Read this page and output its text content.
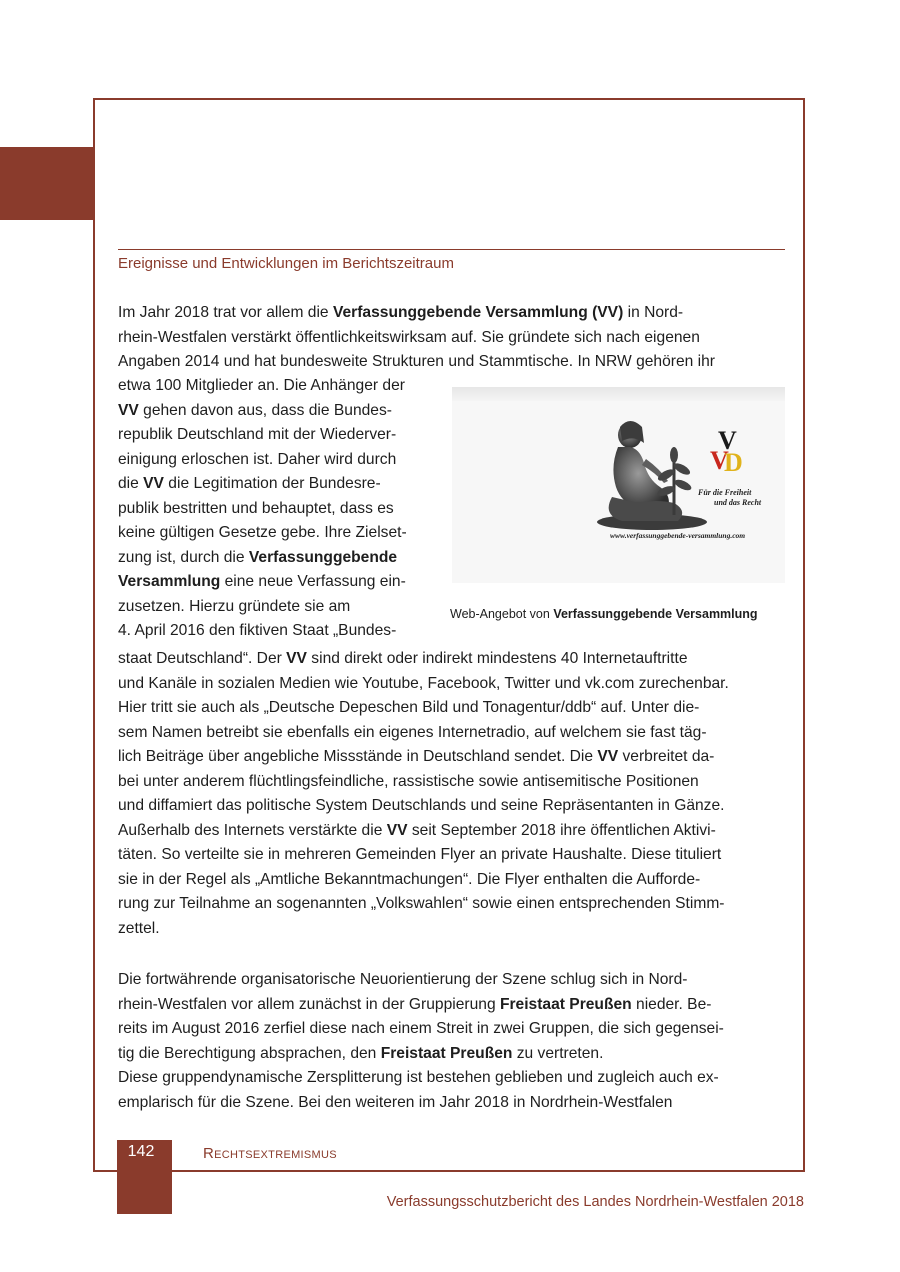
Ereignisse und Entwicklungen im Berichtszeitraum
Im Jahr 2018 trat vor allem die Verfassunggebende Versammlung (VV) in Nord-
rhein-Westfalen verstärkt öffentlichkeitswirksam auf. Sie gründete sich nach eigenen
Angaben 2014 und hat bundesweite Strukturen und Stammtische. In NRW gehören ihr
etwa 100 Mitglieder an. Die Anhänger der
VV gehen davon aus, dass die Bundes-
republik Deutschland mit der Wiederver-
einigung erloschen ist. Daher wird durch
die VV die Legitimation der Bundesre-
publik bestritten und behauptet, dass es
keine gültigen Gesetze gebe. Ihre Zielset-
zung ist, durch die Verfassunggebende
Versammlung eine neue Verfassung ein-
zusetzen. Hierzu gründete sie am
4. April 2016 den fiktiven Staat „Bundes-
staat Deutschland“. Der VV sind direkt oder indirekt mindestens 40 Internetauftritte
und Kanäle in sozialen Medien wie Youtube, Facebook, Twitter und vk.com zurechenbar.
Hier tritt sie auch als „Deutsche Depeschen Bild und Tonagentur/ddb“ auf. Unter die-
sem Namen betreibt sie ebenfalls ein eigenes Internetradio, auf welchem sie fast täg-
lich Beiträge über angebliche Missstände in Deutschland sendet. Die VV verbreitet da-
bei unter anderem flüchtlingsfeindliche, rassistische sowie antisemitische Positionen
und diffamiert das politische System Deutschlands und seine Repräsentanten in Gänze.
Außerhalb des Internets verstärkte die VV seit September 2018 ihre öffentlichen Aktivi-
täten. So verteilte sie in mehreren Gemeinden Flyer an private Haushalte. Diese tituliert
sie in der Regel als „Amtliche Bekanntmachungen“. Die Flyer enthalten die Aufforde-
rung zur Teilnahme an sogenannten „Volkswahlen“ sowie einen entsprechenden Stimm-
zettel.
Die fortwährende organisatorische Neuorientierung der Szene schlug sich in Nord-
rhein-Westfalen vor allem zunächst in der Gruppierung Freistaat Preußen nieder. Be-
reits im August 2016 zerfiel diese nach einem Streit in zwei Gruppen, die sich gegensei-
tig die Berechtigung absprachen, den Freistaat Preußen zu vertreten.
Diese gruppendynamische Zersplitterung ist bestehen geblieben und zugleich auch ex-
emplarisch für die Szene. Bei den weiteren im Jahr 2018 in Nordrhein-Westfalen
V
V
D
Für die Freiheit
und das Recht
www.verfassunggebende-versammlung.com
Web-Angebot von Verfassunggebende Versammlung
142	Rechtsextremismus
Verfassungsschutzbericht des Landes Nordrhein-Westfalen 2018
